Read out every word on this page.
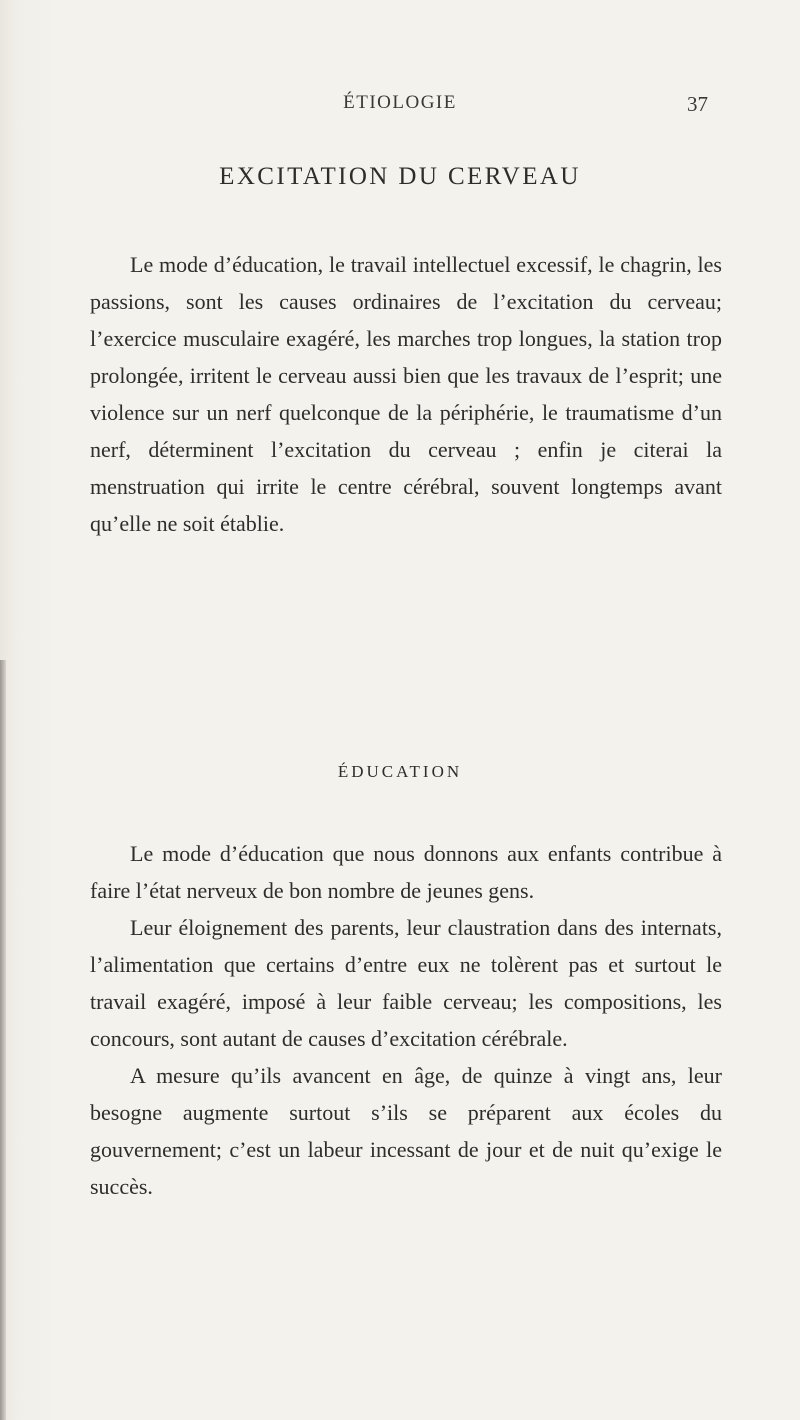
ÉTIOLOGIE	37
EXCITATION DU CERVEAU

Le mode d’éducation, le travail intellectuel excessif, le chagrin, les passions, sont les causes ordinaires de l’excitation du cerveau; l’exercice musculaire exagéré, les marches trop longues, la station trop prolongée, irritent le cerveau aussi bien que les travaux de l’esprit; une violence sur un nerf quelconque de la périphérie, le traumatisme d’un nerf, déterminent l’excitation du cerveau ; enfin je citerai la menstruation qui irrite le centre cérébral, souvent longtemps avant qu’elle ne soit établie.

ÉDUCATION

Le mode d’éducation que nous donnons aux enfants contribue à faire l’état nerveux de bon nombre de jeunes gens.

Leur éloignement des parents, leur claustration dans des internats, l’alimentation que certains d’entre eux ne tolèrent pas et surtout le travail exagéré, imposé à leur faible cerveau; les compositions, les concours, sont autant de causes d’excitation cérébrale.

A mesure qu’ils avancent en âge, de quinze à vingt ans, leur besogne augmente surtout s’ils se préparent aux écoles du gouvernement; c’est un labeur incessant de jour et de nuit qu’exige le succès.
